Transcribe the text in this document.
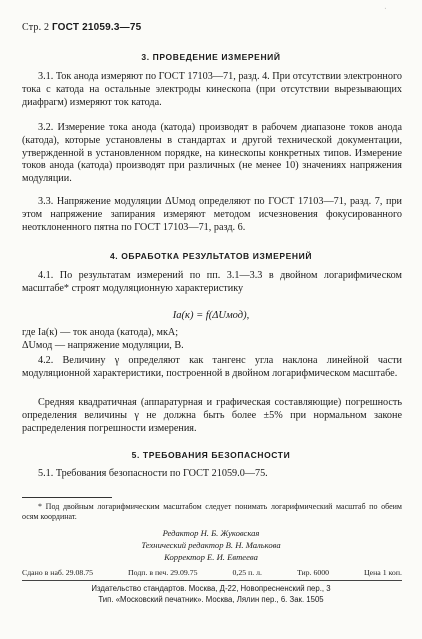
Стр. 2 ГОСТ 21059.3—75
ˈ
3. ПРОВЕДЕНИЕ ИЗМЕРЕНИЙ
3.1. Ток анода измеряют по ГОСТ 17103—71, разд. 4. При отсутствии электронного тока с катода на остальные электроды кинескопа (при отсутствии вырезывающих диафрагм) измеряют ток катода.
3.2. Измерение тока анода (катода) производят в рабочем диапазоне токов анода (катода), которые установлены в стандартах и другой технической документации, утвержденной в установленном порядке, на кинескопы конкретных типов. Измерение токов анода (катода) производят при различных (не менее 10) значениях напряжения модуляции.
3.3. Напряжение модуляции ΔUмод определяют по ГОСТ 17103—71, разд. 7, при этом напряжение запирания измеряют методом исчезновения фокусированного неотклоненного пятна по ГОСТ 17103—71, разд. 6.
4. ОБРАБОТКА РЕЗУЛЬТАТОВ ИЗМЕРЕНИЙ
4.1. По результатам измерений по пп. 3.1—3.3 в двойном логарифмическом масштабе* строят модуляционную характеристику
Iа(к) = f(ΔUмод),
где Iа(к) — ток анода (катода), мкА;
ΔUмод — напряжение модуляции, В.
4.2. Величину γ определяют как тангенс угла наклона линейной части модуляционной характеристики, построенной в двойном логарифмическом масштабе.
Средняя квадратичная (аппаратурная и графическая составляющие) погрешность определения величины γ не должна быть более ±5% при нормальном законе распределения погрешности измерения.
5. ТРЕБОВАНИЯ БЕЗОПАСНОСТИ
5.1. Требования безопасности по ГОСТ 21059.0—75.
* Под двойным логарифмическим масштабом следует понимать логарифмический масштаб по обеим осям координат.
Редактор Н. Б. Жуковская
Технический редактор В. Н. Малькова
Корректор Е. И. Евтеева
Сдано в наб. 29.08.75	Подп. в печ. 29.09.75	0,25 п. л.	Тир. 6000	Цена 1 коп.
Издательство стандартов. Москва, Д-22, Новопресненский пер., 3
Тип. «Московский печатник». Москва, Лялин пер., 6. Зак. 1505
